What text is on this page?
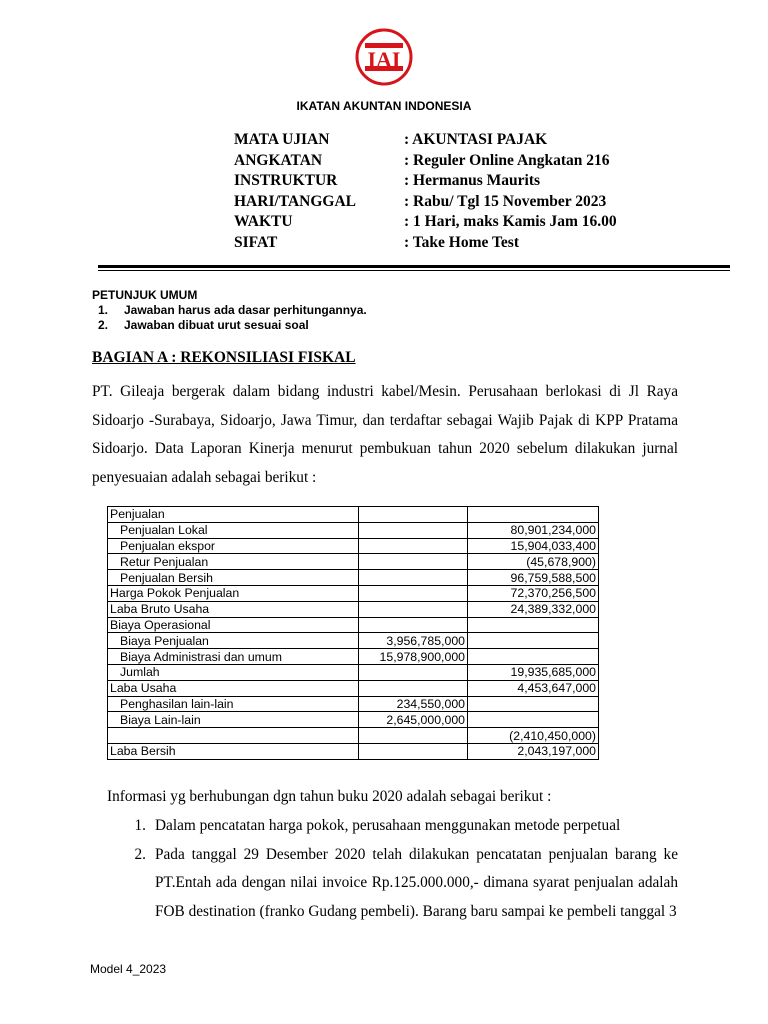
IAI
IKATAN AKUNTAN INDONESIA
MATA UJIAN	: AKUNTASI PAJAK
ANGKATAN	: Reguler Online Angkatan 216
INSTRUKTUR	: Hermanus Maurits
HARI/TANGGAL	: Rabu/ Tgl 15 November 2023
WAKTU	: 1 Hari, maks Kamis Jam 16.00
SIFAT	: Take Home Test
PETUNJUK UMUM
1. Jawaban harus ada dasar perhitungannya.
2. Jawaban dibuat urut sesuai soal
BAGIAN A : REKONSILIASI FISKAL
PT. Gileaja bergerak dalam bidang industri kabel/Mesin. Perusahaan berlokasi di Jl Raya Sidoarjo -Surabaya, Sidoarjo, Jawa Timur, dan terdaftar sebagai Wajib Pajak di KPP Pratama Sidoarjo. Data Laporan Kinerja menurut pembukuan tahun 2020 sebelum dilakukan jurnal penyesuaian adalah sebagai berikut :
Penjualan		
Penjualan Lokal		80,901,234,000
Penjualan ekspor		15,904,033,400
Retur Penjualan		(45,678,900)
Penjualan Bersih		96,759,588,500
Harga Pokok Penjualan		72,370,256,500
Laba Bruto Usaha		24,389,332,000
Biaya Operasional		
Biaya Penjualan	3,956,785,000	
Biaya Administrasi dan umum	15,978,900,000	
Jumlah		19,935,685,000
Laba Usaha		4,453,647,000
Penghasilan lain-lain	234,550,000	
Biaya Lain-lain	2,645,000,000	
		(2,410,450,000)
Laba Bersih		2,043,197,000
Informasi yg berhubungan dgn tahun buku 2020 adalah sebagai berikut :
1. Dalam pencatatan harga pokok, perusahaan menggunakan metode perpetual
2. Pada tanggal 29 Desember 2020 telah dilakukan pencatatan penjualan barang ke PT.Entah ada dengan nilai invoice Rp.125.000.000,- dimana syarat penjualan adalah FOB destination (franko Gudang pembeli). Barang baru sampai ke pembeli tanggal 3
Model 4_2023
